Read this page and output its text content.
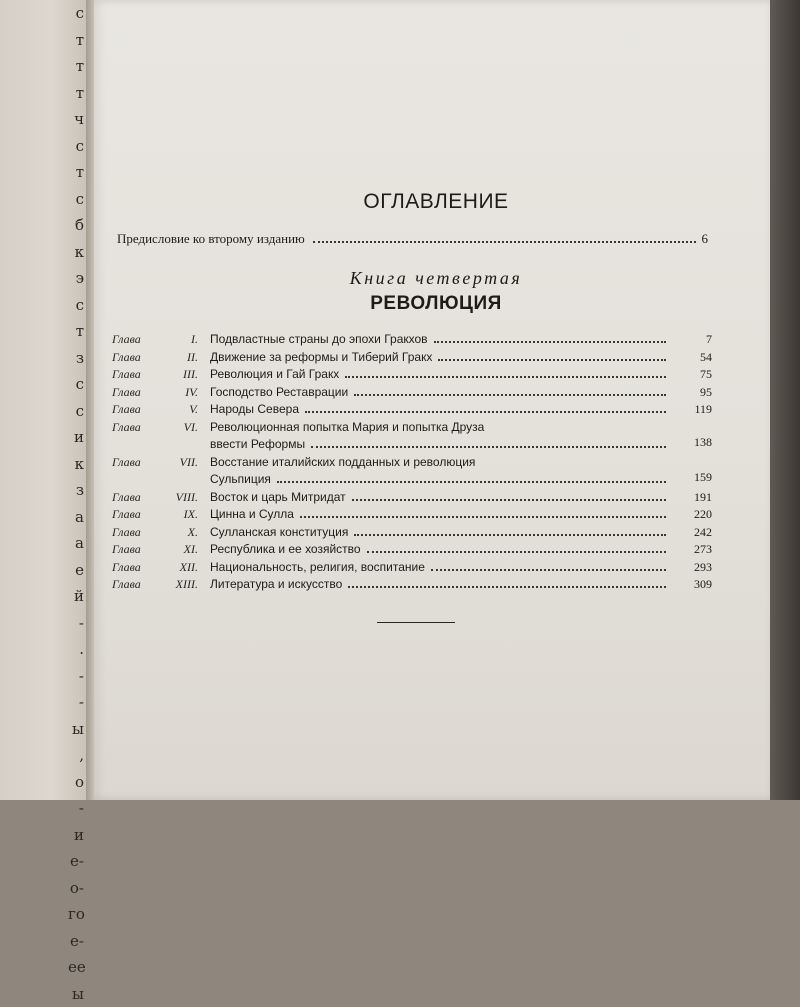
с
т
т
т
ч
с
т
с
б
к
э
с
т
з
с
с
и
к
з
а
а
е
й
-
.
-
-
ы
,
о
-
и
е-
о-
го
е-
ее
ы
ОГЛАВЛЕНИЕ
Предисловие ко второму изданию	6
Книга четвертая
РЕВОЛЮЦИЯ
Глава	I.	Подвластные страны до эпохи Гракхов	7
Глава	II.	Движение за реформы и Тиберий Гракх	54
Глава	III.	Революция и Гай Гракх	75
Глава	IV.	Господство Реставрации	95
Глава	V.	Народы Севера	119
Глава	VI.	Революционная попытка Мария и попытка Друза
ввести Реформы	138
Глава	VII.	Восстание италийских подданных и революция
Сульпиция	159
Глава	VIII.	Восток и царь Митридат	191
Глава	IX.	Цинна и Сулла	220
Глава	X.	Сулланская конституция	242
Глава	XI.	Республика и ее хозяйство	273
Глава	XII.	Национальность, религия, воспитание	293
Глава	XIII.	Литература и искусство	309
